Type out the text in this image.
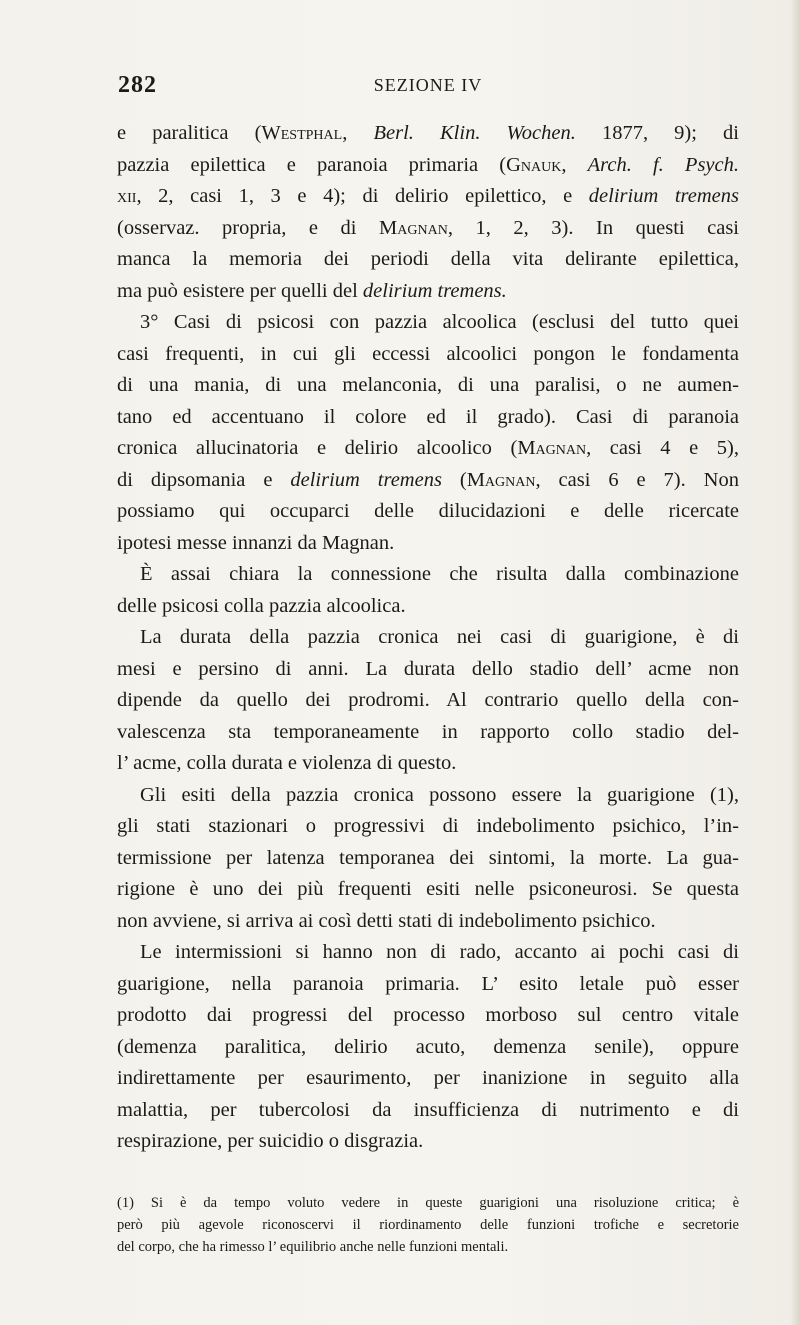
282	SEZIONE IV
e paralitica (Westphal, Berl. Klin. Wochen. 1877, 9); di
pazzia epilettica e paranoia primaria (Gnauk, Arch. f. Psych.
xii, 2, casi 1, 3 e 4); di delirio epilettico, e delirium tremens
(osservaz. propria, e di Magnan, 1, 2, 3). In questi casi
manca la memoria dei periodi della vita delirante epilettica,
ma può esistere per quelli del delirium tremens.
3° Casi di psicosi con pazzia alcoolica (esclusi del tutto quei
casi frequenti, in cui gli eccessi alcoolici pongon le fondamenta
di una mania, di una melanconia, di una paralisi, o ne aumen-
tano ed accentuano il colore ed il grado). Casi di paranoia
cronica allucinatoria e delirio alcoolico (Magnan, casi 4 e 5),
di dipsomania e delirium tremens (Magnan, casi 6 e 7). Non
possiamo qui occuparci delle dilucidazioni e delle ricercate
ipotesi messe innanzi da Magnan.
È assai chiara la connessione che risulta dalla combinazione
delle psicosi colla pazzia alcoolica.
La durata della pazzia cronica nei casi di guarigione, è di
mesi e persino di anni. La durata dello stadio dell’ acme non
dipende da quello dei prodromi. Al contrario quello della con-
valescenza sta temporaneamente in rapporto collo stadio del-
l’ acme, colla durata e violenza di questo.
Gli esiti della pazzia cronica possono essere la guarigione (1),
gli stati stazionari o progressivi di indebolimento psichico, l’in-
termissione per latenza temporanea dei sintomi, la morte. La gua-
rigione è uno dei più frequenti esiti nelle psiconeurosi. Se questa
non avviene, si arriva ai così detti stati di indebolimento psichico.
Le intermissioni si hanno non di rado, accanto ai pochi casi di
guarigione, nella paranoia primaria. L’ esito letale può esser
prodotto dai progressi del processo morboso sul centro vitale
(demenza paralitica, delirio acuto, demenza senile), oppure
indirettamente per esaurimento, per inanizione in seguito alla
malattia, per tubercolosi da insufficienza di nutrimento e di
respirazione, per suicidio o disgrazia.
(1) Si è da tempo voluto vedere in queste guarigioni una risoluzione critica; è
però più agevole riconoscervi il riordinamento delle funzioni trofiche e secretorie
del corpo, che ha rimesso l’ equilibrio anche nelle funzioni mentali.
